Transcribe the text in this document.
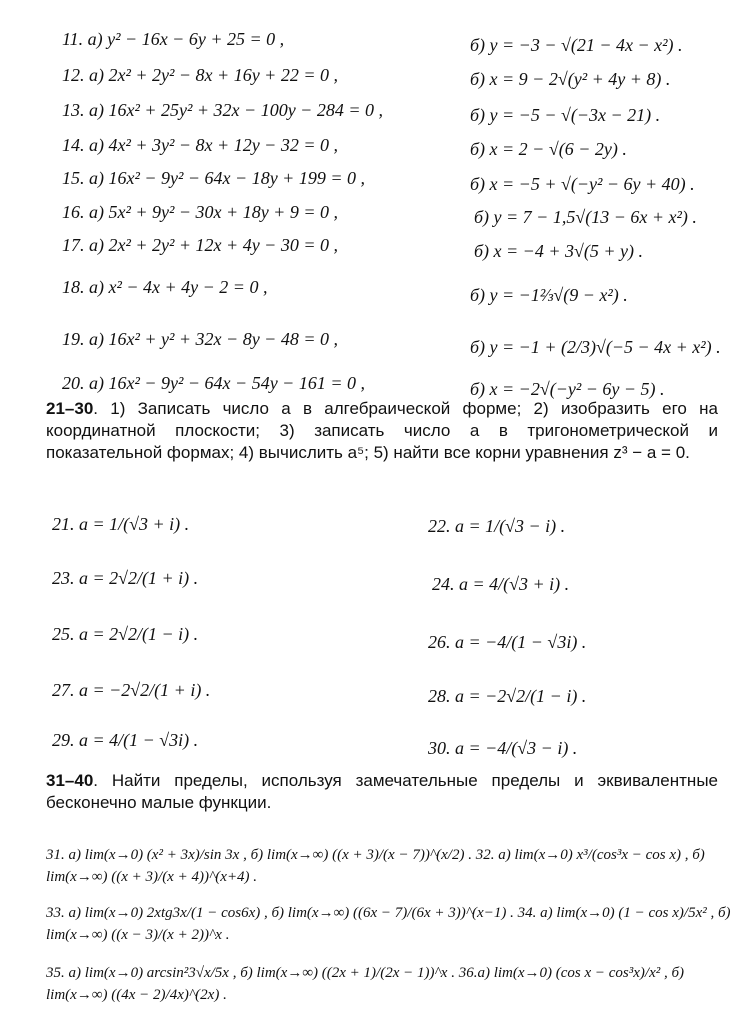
11. а) y² − 16x − 6y + 25 = 0 ,	б) y = −3 − √(21 − 4x − x²) .
12. а) 2x² + 2y² − 8x + 16y + 22 = 0 ,	б) x = 9 − 2√(y² + 4y + 8) .
13. а) 16x² + 25y² + 32x − 100y − 284 = 0 ,	б) y = −5 − √(−3x − 21) .
14. а) 4x² + 3y² − 8x + 12y − 32 = 0 ,	б) x = 2 − √(6 − 2y) .
15. а) 16x² − 9y² − 64x − 18y + 199 = 0 ,	б) x = −5 + √(−y² − 6y + 40) .
16. а) 5x² + 9y² − 30x + 18y + 9 = 0 ,	б) y = 7 − 1,5√(13 − 6x + x²) .
17. а) 2x² + 2y² + 12x + 4y − 30 = 0 ,	б) x = −4 + 3√(5 + y) .
18. а) x² − 4x + 4y − 2 = 0 ,	б) y = −1⅔√(9 − x²) .
19. а) 16x² + y² + 32x − 8y − 48 = 0 ,	б) y = −1 + (2/3)√(−5 − 4x + x²) .
20. а) 16x² − 9y² − 64x − 54y − 161 = 0 ,	б) x = −2√(−y² − 6y − 5) .
21–30. 1) Записать число a в алгебраической форме; 2) изобразить его на координатной плоскости; 3) записать число a в тригонометрической и показательной формах; 4) вычислить a⁵; 5) найти все корни уравнения z³ − a = 0.
21. a = 1/(√3 + i) .	22. a = 1/(√3 − i) .
23. a = 2√2/(1 + i) .	24. a = 4/(√3 + i) .
25. a = 2√2/(1 − i) .	26. a = −4/(1 − √3i) .
27. a = −2√2/(1 + i) .	28. a = −2√2/(1 − i) .
29. a = 4/(1 − √3i) .	30. a = −4/(√3 − i) .
31–40. Найти пределы, используя замечательные пределы и эквивалентные бесконечно малые функции.
31. а) lim(x→0) (x² + 3x)/sin 3x , б) lim(x→∞) ((x + 3)/(x − 7))^(x/2) . 32. а) lim(x→0) x³/(cos³x − cos x) , б) lim(x→∞) ((x + 3)/(x + 4))^(x+4) .
33. а) lim(x→0) 2xtg3x/(1 − cos6x) , б) lim(x→∞) ((6x − 7)/(6x + 3))^(x−1) . 34. а) lim(x→0) (1 − cos x)/5x² , б) lim(x→∞) ((x − 3)/(x + 2))^x .
35. а) lim(x→0) arcsin²3√x/5x , б) lim(x→∞) ((2x + 1)/(2x − 1))^x . 36.а) lim(x→0) (cos x − cos³x)/x² , б) lim(x→∞) ((4x − 2)/4x)^(2x) .
